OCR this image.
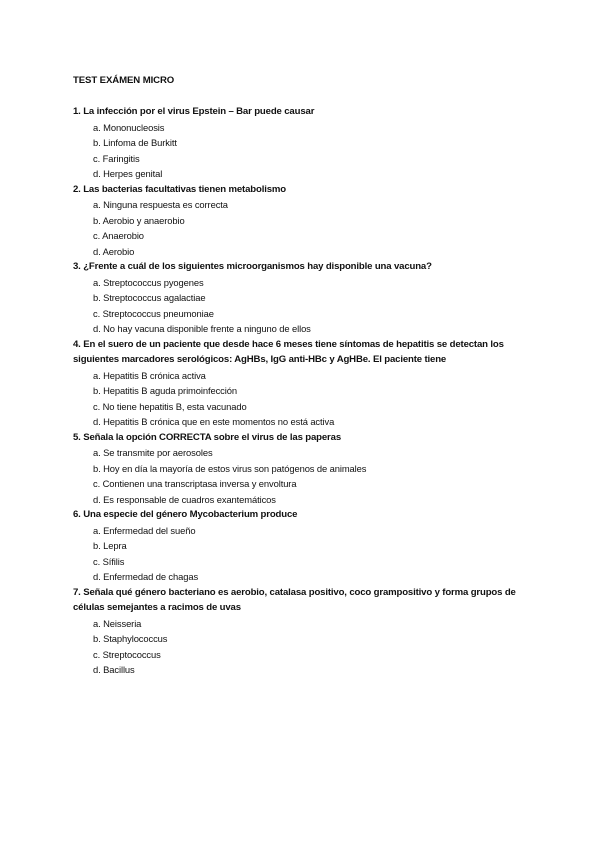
TEST EXÁMEN MICRO

1. La infección por el virus Epstein – Bar puede causar

a. Mononucleosis
b. Linfoma de Burkitt
c. Faringitis
d. Herpes genital

2. Las bacterias facultativas tienen metabolismo

a. Ninguna respuesta es correcta
b. Aerobio y anaerobio
c. Anaerobio
d. Aerobio

3. ¿Frente a cuál de los siguientes microorganismos hay disponible una vacuna?

a. Streptococcus pyogenes
b. Streptococcus agalactiae
c. Streptococcus pneumoniae
d. No hay vacuna disponible frente a ninguno de ellos

4. En el suero de un paciente que desde hace 6 meses tiene síntomas de hepatitis se detectan los siguientes marcadores serológicos: AgHBs, IgG anti-HBc y AgHBe. El paciente tiene

a. Hepatitis B crónica activa
b. Hepatitis B aguda primoinfección
c. No tiene hepatitis B, esta vacunado
d. Hepatitis B crónica que en este momentos no está activa

5. Señala la opción CORRECTA sobre el virus de las paperas

a. Se transmite por aerosoles
b. Hoy en día la mayoría de estos virus son patógenos de animales
c. Contienen una transcriptasa inversa y envoltura
d. Es responsable de cuadros exantemáticos

6. Una especie del género Mycobacterium produce

a. Enfermedad del sueño
b. Lepra
c. Sífilis
d. Enfermedad de chagas

7. Señala qué género bacteriano es aerobio, catalasa positivo, coco grampositivo y forma grupos de células semejantes a racimos de uvas

a. Neisseria
b. Staphylococcus
c. Streptococcus
d. Bacillus
